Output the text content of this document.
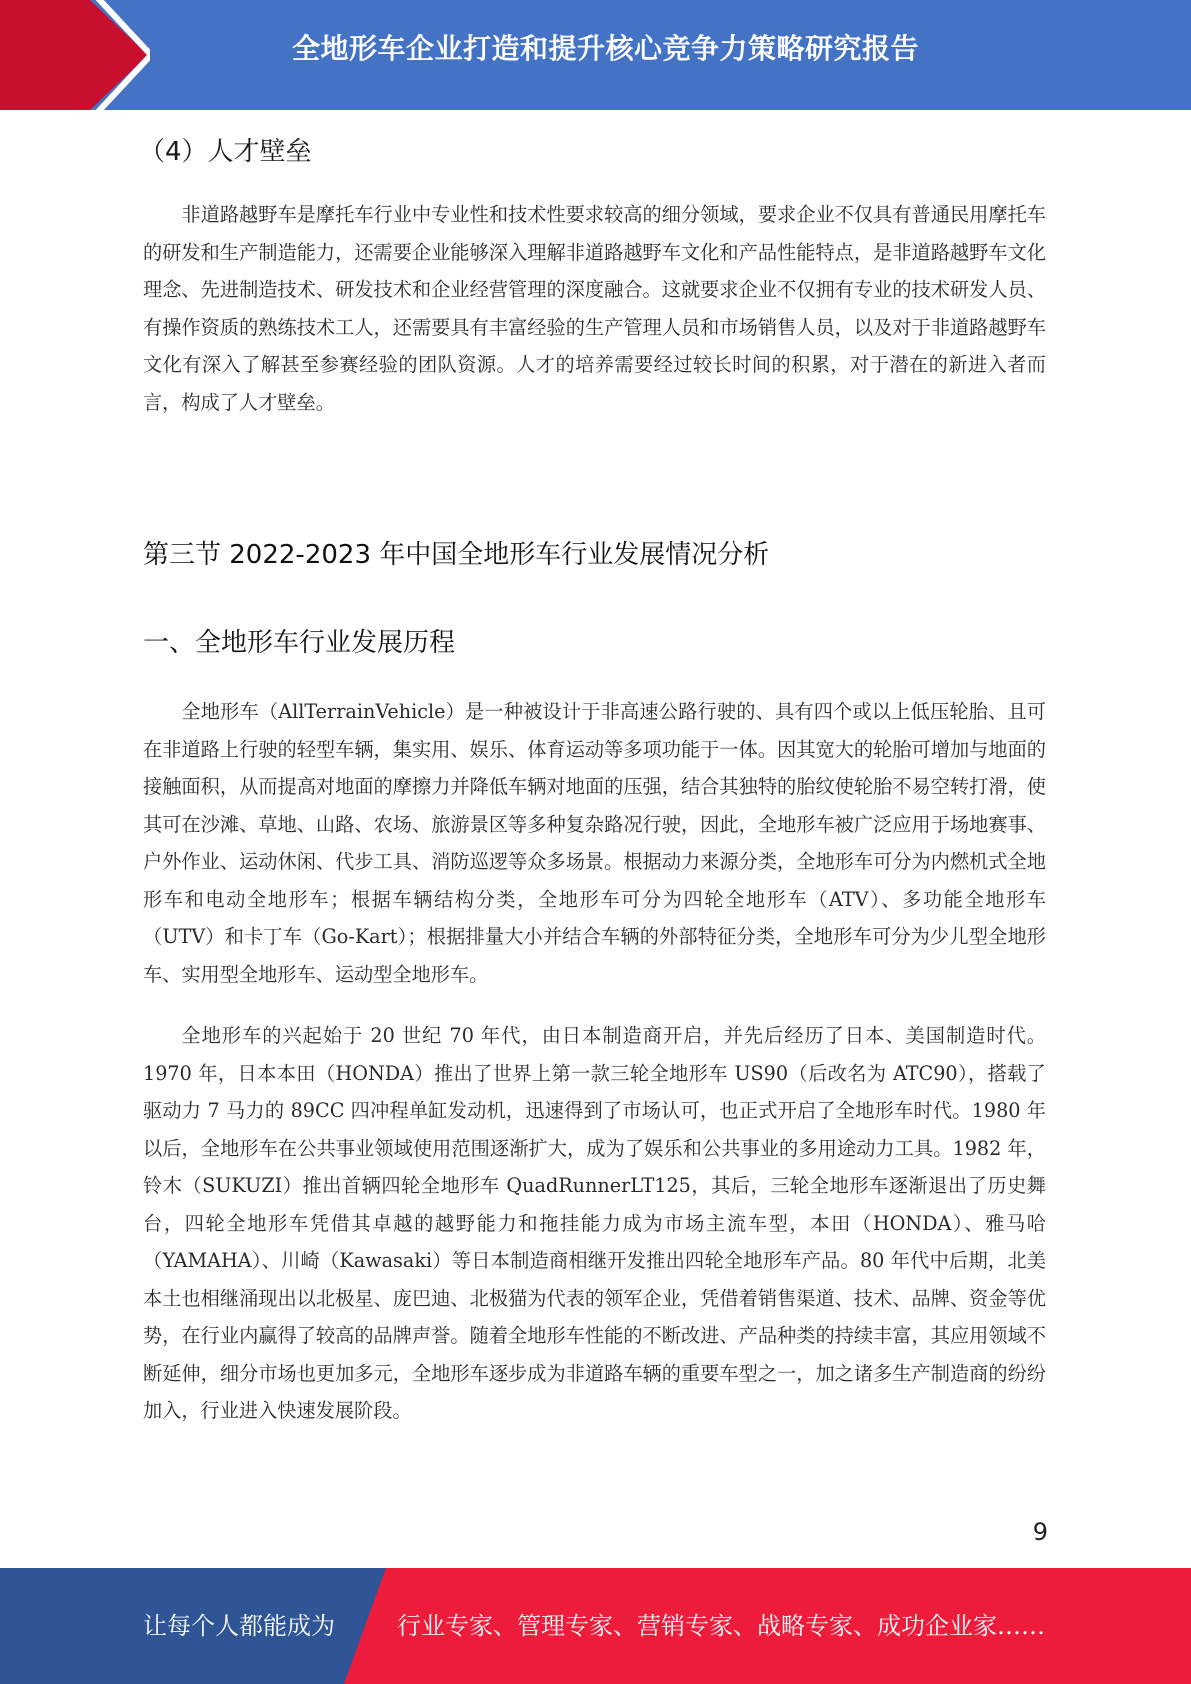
全地形车企业打造和提升核心竞争力策略研究报告
（4）人才壁垒

非道路越野车是摩托车行业中专业性和技术性要求较高的细分领域，要求企业不仅具有普通民用摩托车的研发和生产制造能力，还需要企业能够深入理解非道路越野车文化和产品性能特点，是非道路越野车文化理念、先进制造技术、研发技术和企业经营管理的深度融合。这就要求企业不仅拥有专业的技术研发人员、有操作资质的熟练技术工人，还需要具有丰富经验的生产管理人员和市场销售人员，以及对于非道路越野车文化有深入了解甚至参赛经验的团队资源。人才的培养需要经过较长时间的积累，对于潜在的新进入者而言，构成了人才壁垒。

第三节 2022-2023 年中国全地形车行业发展情况分析
一、全地形车行业发展历程

全地形车（AllTerrainVehicle）是一种被设计于非高速公路行驶的、具有四个或以上低压轮胎、且可在非道路上行驶的轻型车辆，集实用、娱乐、体育运动等多项功能于一体。因其宽大的轮胎可增加与地面的接触面积，从而提高对地面的摩擦力并降低车辆对地面的压强，结合其独特的胎纹使轮胎不易空转打滑，使其可在沙滩、草地、山路、农场、旅游景区等多种复杂路况行驶，因此，全地形车被广泛应用于场地赛事、户外作业、运动休闲、代步工具、消防巡逻等众多场景。根据动力来源分类，全地形车可分为内燃机式全地形车和电动全地形车；根据车辆结构分类，全地形车可分为四轮全地形车（ATV）、多功能全地形车（UTV）和卡丁车（Go-Kart）；根据排量大小并结合车辆的外部特征分类，全地形车可分为少儿型全地形车、实用型全地形车、运动型全地形车。

全地形车的兴起始于 20 世纪 70 年代，由日本制造商开启，并先后经历了日本、美国制造时代。1970 年，日本本田（HONDA）推出了世界上第一款三轮全地形车 US90（后改名为 ATC90），搭载了驱动力 7 马力的 89CC 四冲程单缸发动机，迅速得到了市场认可，也正式开启了全地形车时代。1980 年以后，全地形车在公共事业领域使用范围逐渐扩大，成为了娱乐和公共事业的多用途动力工具。1982 年，铃木（SUKUZI）推出首辆四轮全地形车 QuadRunnerLT125，其后，三轮全地形车逐渐退出了历史舞台，四轮全地形车凭借其卓越的越野能力和拖挂能力成为市场主流车型，本田（HONDA）、雅马哈（YAMAHA）、川崎（Kawasaki）等日本制造商相继开发推出四轮全地形车产品。80 年代中后期，北美本土也相继涌现出以北极星、庞巴迪、北极猫为代表的领军企业，凭借着销售渠道、技术、品牌、资金等优势，在行业内赢得了较高的品牌声誉。随着全地形车性能的不断改进、产品种类的持续丰富，其应用领域不断延伸，细分市场也更加多元，全地形车逐步成为非道路车辆的重要车型之一，加之诸多生产制造商的纷纷加入，行业进入快速发展阶段。

9
让每个人都能成为	行业专家、管理专家、营销专家、战略专家、成功企业家……
